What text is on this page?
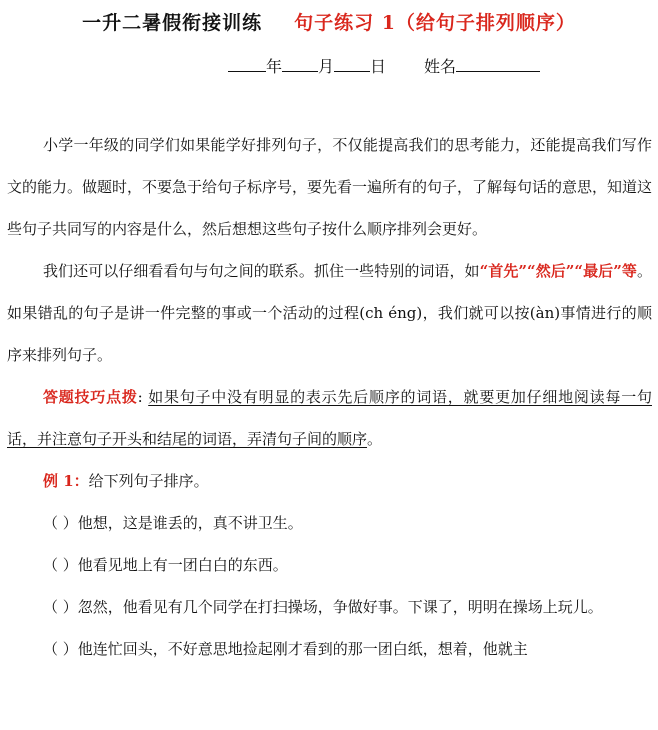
一升二暑假衔接训练 句子练习 1（给句子排列顺序）
年 月 日 姓名

小学一年级的同学们如果能学好排列句子，不仅能提高我们的思考能力，还能提高我们写作文的能力。做题时，不要急于给句子标序号，要先看一遍所有的句子，了解每句话的意思，知道这些句子共同写的内容是什么，然后想想这些句子按什么顺序排列会更好。

我们还可以仔细看看句与句之间的联系。抓住一些特别的词语，如“首先”“然后”“最后”等。如果错乱的句子是讲一件完整的事或一个活动的过程(ch éng)，我们就可以按(àn)事情进行的顺序来排列句子。

答题技巧点拨: 如果句子中没有明显的表示先后顺序的词语，就要更加仔细地阅读每一句话，并注意句子开头和结尾的词语，弄清句子间的顺序。

例 1：给下列句子排序。

（ ）他想，这是谁丢的，真不讲卫生。

（ ）他看见地上有一团白白的东西。

（ ）忽然，他看见有几个同学在打扫操场，争做好事。下课了，明明在操场上玩儿。

（ ）他连忙回头，不好意思地捡起刚才看到的那一团白纸，想着，他就主
